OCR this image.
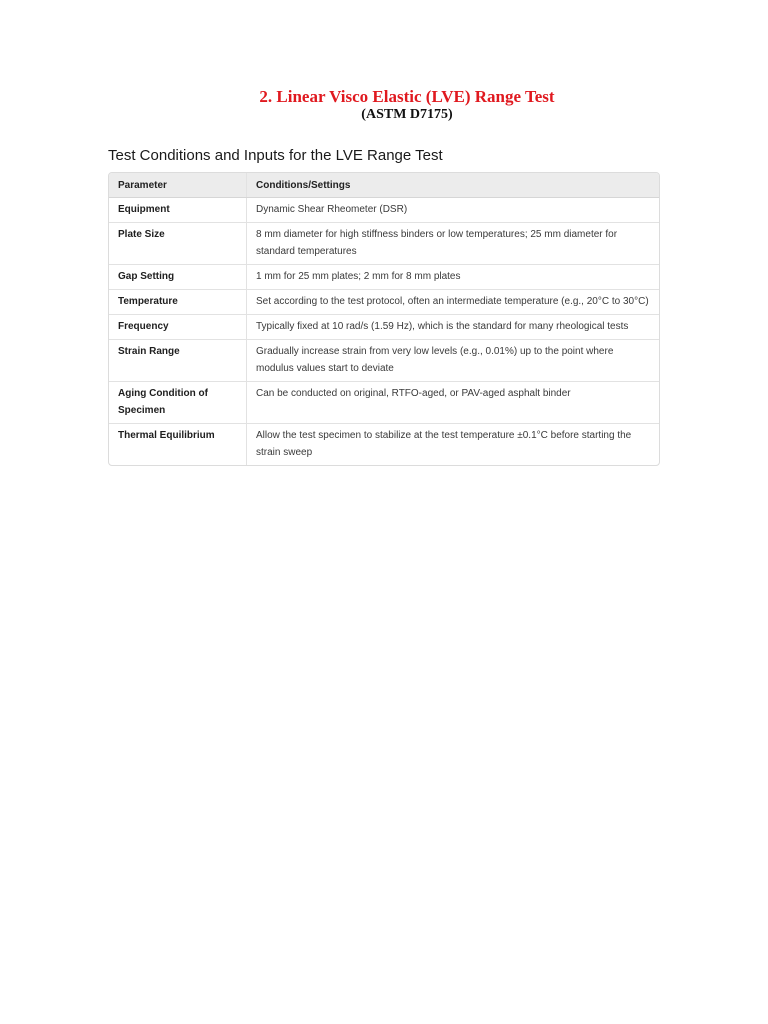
2. Linear Visco Elastic (LVE) Range Test
(ASTM D7175)
Test Conditions and Inputs for the LVE Range Test
Parameter	Conditions/Settings
Equipment	Dynamic Shear Rheometer (DSR)
Plate Size	8 mm diameter for high stiffness binders or low temperatures; 25 mm diameter for standard temperatures
Gap Setting	1 mm for 25 mm plates; 2 mm for 8 mm plates
Temperature	Set according to the test protocol, often an intermediate temperature (e.g., 20°C to 30°C)
Frequency	Typically fixed at 10 rad/s (1.59 Hz), which is the standard for many rheological tests
Strain Range	Gradually increase strain from very low levels (e.g., 0.01%) up to the point where modulus values start to deviate
Aging Condition of Specimen	Can be conducted on original, RTFO-aged, or PAV-aged asphalt binder
Thermal Equilibrium	Allow the test specimen to stabilize at the test temperature ±0.1°C before starting the strain sweep
